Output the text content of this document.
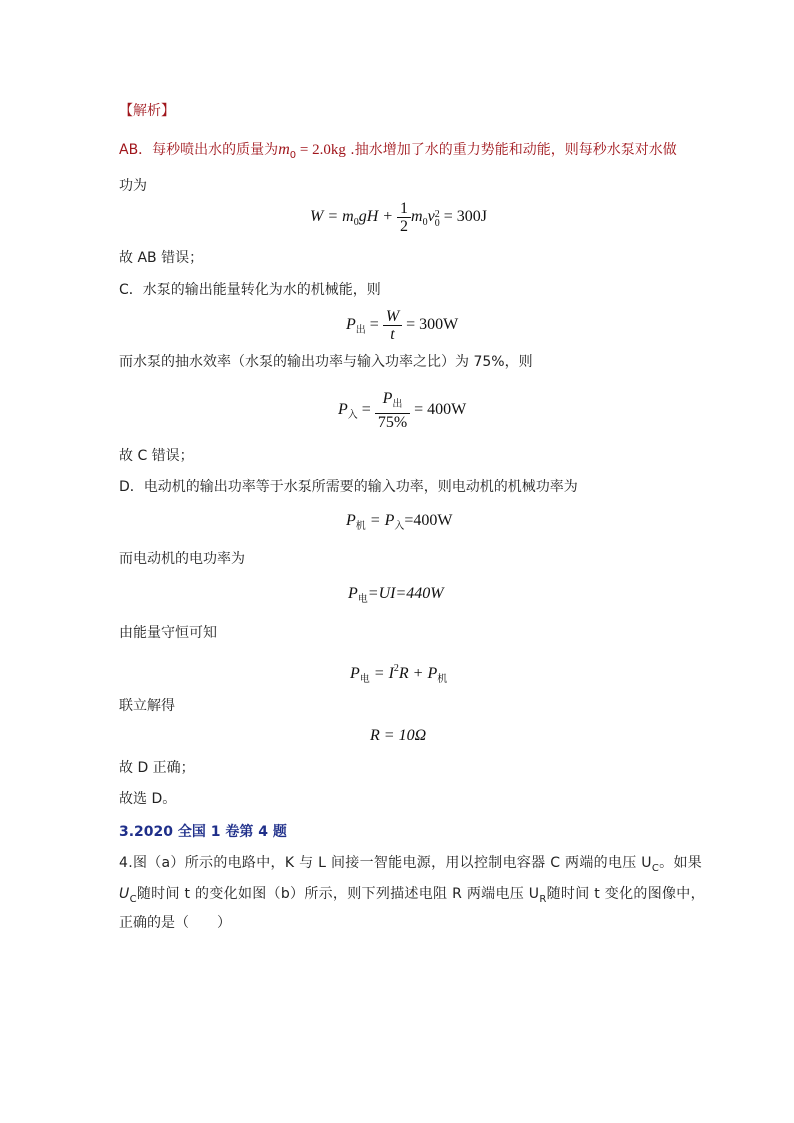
【解析】
AB．每秒喷出水的质量为$m_0 = 2.0kg$ .抽水增加了水的重力势能和动能，则每秒水泵对水做
功为
$W = m_0gH + \frac{1}{2} m_0v$ 2
0 = 300J
故 AB 错误；
C．水泵的输出能量转化为水的机械能，则
$P_出 = \frac{W}{t} = 300W$
而水泵的抽水效率（水泵的输出功率与输入功率之比）为 75%，则
$P_入 = \frac{P_出}{75\%} = 400W$
故 C 错误；
D．电动机的输出功率等于水泵所需要的输入功率，则电动机的机械功率为
$P_机 = P_入=400W$
而电动机的电功率为
$P_电=UI=440W$
由能量守恒可知
$P_电 = I^2R + P_机$
联立解得
R = 10Ω
故 D 正确；
故选 D。
3.2020 全国 1 卷第 4 题
4.图（a）所示的电路中，K 与 L 间接一智能电源，用以控制电容器 C 两端的电压 $U_C$。如果
$U_C$随时间 t 的变化如图（b）所示，则下列描述电阻 R 两端电压 $U_R$随时间 t 变化的图像中，
正确的是（　　）
